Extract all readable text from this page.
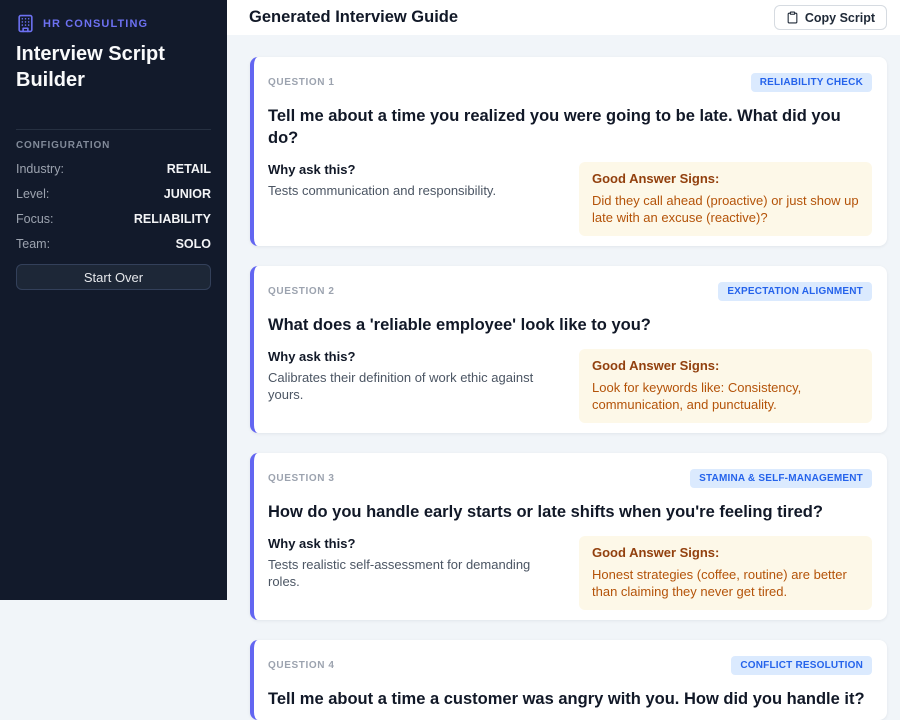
HR CONSULTING
Interview Script Builder
CONFIGURATION
Industry:	RETAIL
Level:	JUNIOR
Focus:	RELIABILITY
Team:	SOLO
Start Over
Generated Interview Guide	Copy Script
QUESTION 1	RELIABILITY CHECK
Tell me about a time you realized you were going to be late. What did you do?
Why ask this?
Tests communication and responsibility.
Good Answer Signs:
Did they call ahead (proactive) or just show up late with an excuse (reactive)?
QUESTION 2	EXPECTATION ALIGNMENT
What does a 'reliable employee' look like to you?
Why ask this?
Calibrates their definition of work ethic against yours.
Good Answer Signs:
Look for keywords like: Consistency, communication, and punctuality.
QUESTION 3	STAMINA & SELF-MANAGEMENT
How do you handle early starts or late shifts when you're feeling tired?
Why ask this?
Tests realistic self-assessment for demanding roles.
Good Answer Signs:
Honest strategies (coffee, routine) are better than claiming they never get tired.
QUESTION 4	CONFLICT RESOLUTION
Tell me about a time a customer was angry with you. How did you handle it?
